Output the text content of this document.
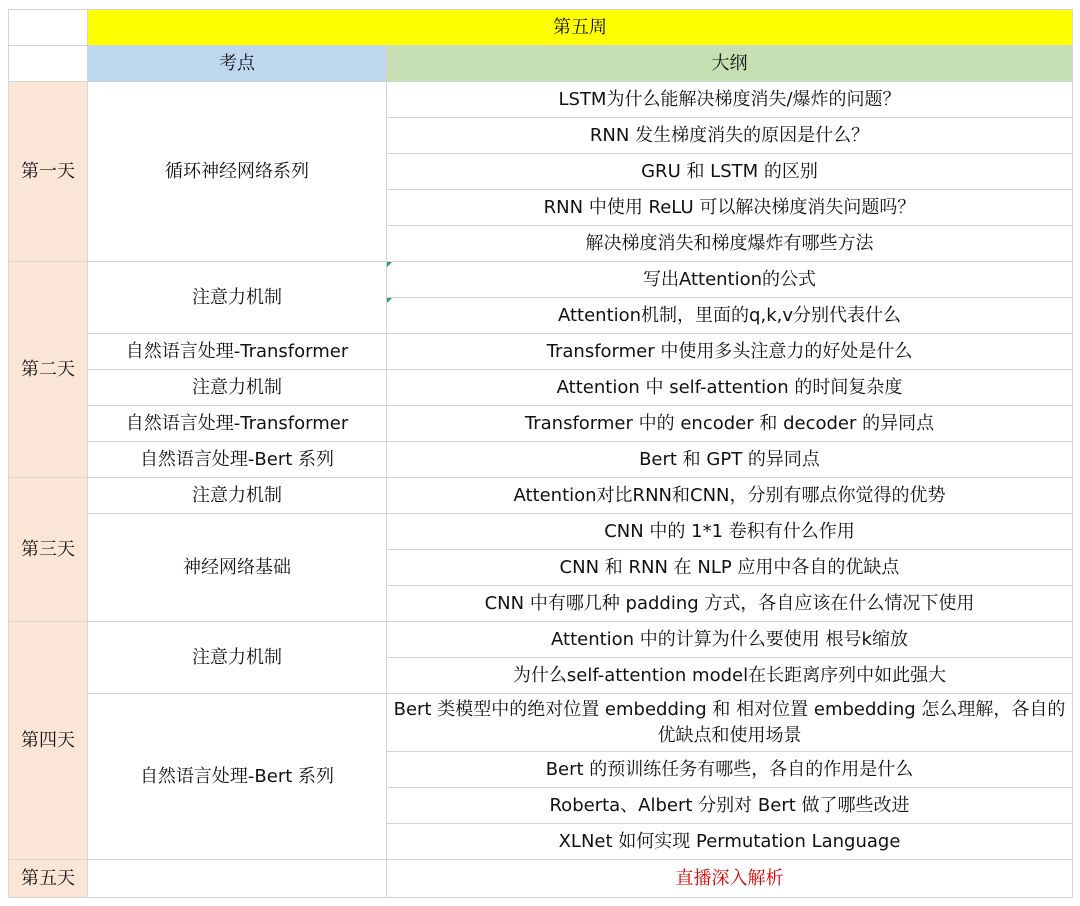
	第五周	
	考点	大纲
第一天	循环神经网络系列	LSTM为什么能解决梯度消失/爆炸的问题？
		RNN 发生梯度消失的原因是什么？
		GRU 和 LSTM 的区别
		RNN 中使用 ReLU 可以解决梯度消失问题吗？
		解决梯度消失和梯度爆炸有哪些方法
第二天	注意力机制	写出Attention的公式
		Attention机制，里面的q,k,v分别代表什么
	自然语言处理-Transformer	Transformer 中使用多头注意力的好处是什么
	注意力机制	Attention 中 self-attention 的时间复杂度
	自然语言处理-Transformer	Transformer 中的 encoder 和 decoder 的异同点
	自然语言处理-Bert 系列	Bert 和 GPT 的异同点
第三天	注意力机制	Attention对比RNN和CNN，分别有哪点你觉得的优势
	神经网络基础	CNN 中的 1*1 卷积有什么作用
		CNN 和 RNN 在 NLP 应用中各自的优缺点
		CNN 中有哪几种 padding 方式，各自应该在什么情况下使用
第四天	注意力机制	Attention 中的计算为什么要使用 根号k缩放
		为什么self-attention model在长距离序列中如此强大
	自然语言处理-Bert 系列	Bert 类模型中的绝对位置 embedding 和 相对位置 embedding 怎么理解，各自的优缺点和使用场景
		Bert 的预训练任务有哪些，各自的作用是什么
		Roberta、Albert 分别对 Bert 做了哪些改进
		XLNet 如何实现 Permutation Language
第五天		直播深入解析
